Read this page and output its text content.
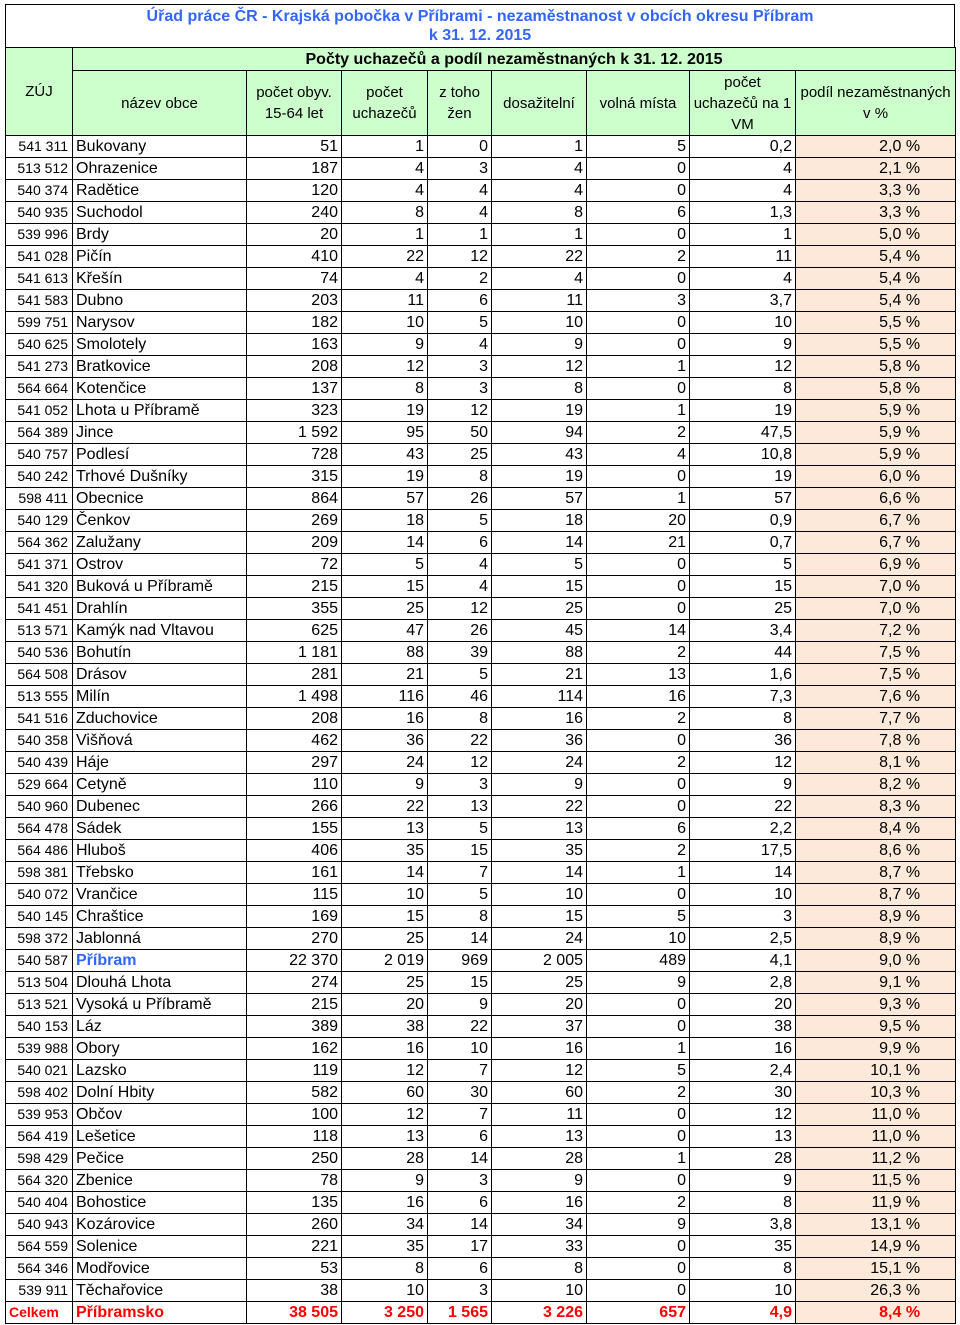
Úřad práce ČR - Krajská pobočka v Příbrami - nezaměstnanost v obcích okresu Příbram
k 31. 12. 2015
ZÚJ	Počty uchazečů a podíl nezaměstnaných k 31. 12. 2015							
	název obce	počet obyv. 15-64 let	počet uchazečů	z toho žen	dosažitelní	volná místa	počet uchazečů na 1 VM	podíl nezaměstnaných v %
541 311	Bukovany	51	1	0	1	5	0,2	2,0 %
513 512	Ohrazenice	187	4	3	4	0	4	2,1 %
540 374	Radětice	120	4	4	4	0	4	3,3 %
540 935	Suchodol	240	8	4	8	6	1,3	3,3 %
539 996	Brdy	20	1	1	1	0	1	5,0 %
541 028	Pičín	410	22	12	22	2	11	5,4 %
541 613	Křešín	74	4	2	4	0	4	5,4 %
541 583	Dubno	203	11	6	11	3	3,7	5,4 %
599 751	Narysov	182	10	5	10	0	10	5,5 %
540 625	Smolotely	163	9	4	9	0	9	5,5 %
541 273	Bratkovice	208	12	3	12	1	12	5,8 %
564 664	Kotenčice	137	8	3	8	0	8	5,8 %
541 052	Lhota u Příbramě	323	19	12	19	1	19	5,9 %
564 389	Jince	1 592	95	50	94	2	47,5	5,9 %
540 757	Podlesí	728	43	25	43	4	10,8	5,9 %
540 242	Trhové Dušníky	315	19	8	19	0	19	6,0 %
598 411	Obecnice	864	57	26	57	1	57	6,6 %
540 129	Čenkov	269	18	5	18	20	0,9	6,7 %
564 362	Zalužany	209	14	6	14	21	0,7	6,7 %
541 371	Ostrov	72	5	4	5	0	5	6,9 %
541 320	Buková u Příbramě	215	15	4	15	0	15	7,0 %
541 451	Drahlín	355	25	12	25	0	25	7,0 %
513 571	Kamýk nad Vltavou	625	47	26	45	14	3,4	7,2 %
540 536	Bohutín	1 181	88	39	88	2	44	7,5 %
564 508	Drásov	281	21	5	21	13	1,6	7,5 %
513 555	Milín	1 498	116	46	114	16	7,3	7,6 %
541 516	Zduchovice	208	16	8	16	2	8	7,7 %
540 358	Višňová	462	36	22	36	0	36	7,8 %
540 439	Háje	297	24	12	24	2	12	8,1 %
529 664	Cetyně	110	9	3	9	0	9	8,2 %
540 960	Dubenec	266	22	13	22	0	22	8,3 %
564 478	Sádek	155	13	5	13	6	2,2	8,4 %
564 486	Hluboš	406	35	15	35	2	17,5	8,6 %
598 381	Třebsko	161	14	7	14	1	14	8,7 %
540 072	Vrančice	115	10	5	10	0	10	8,7 %
540 145	Chraštice	169	15	8	15	5	3	8,9 %
598 372	Jablonná	270	25	14	24	10	2,5	8,9 %
540 587	Příbram	22 370	2 019	969	2 005	489	4,1	9,0 %
513 504	Dlouhá Lhota	274	25	15	25	9	2,8	9,1 %
513 521	Vysoká u Příbramě	215	20	9	20	0	20	9,3 %
540 153	Láz	389	38	22	37	0	38	9,5 %
539 988	Obory	162	16	10	16	1	16	9,9 %
540 021	Lazsko	119	12	7	12	5	2,4	10,1 %
598 402	Dolní Hbity	582	60	30	60	2	30	10,3 %
539 953	Občov	100	12	7	11	0	12	11,0 %
564 419	Lešetice	118	13	6	13	0	13	11,0 %
598 429	Pečice	250	28	14	28	1	28	11,2 %
564 320	Zbenice	78	9	3	9	0	9	11,5 %
540 404	Bohostice	135	16	6	16	2	8	11,9 %
540 943	Kozárovice	260	34	14	34	9	3,8	13,1 %
564 559	Solenice	221	35	17	33	0	35	14,9 %
564 346	Modřovice	53	8	6	8	0	8	15,1 %
539 911	Těchařovice	38	10	3	10	0	10	26,3 %
Celkem	Příbramsko	38 505	3 250	1 565	3 226	657	4,9	8,4 %
